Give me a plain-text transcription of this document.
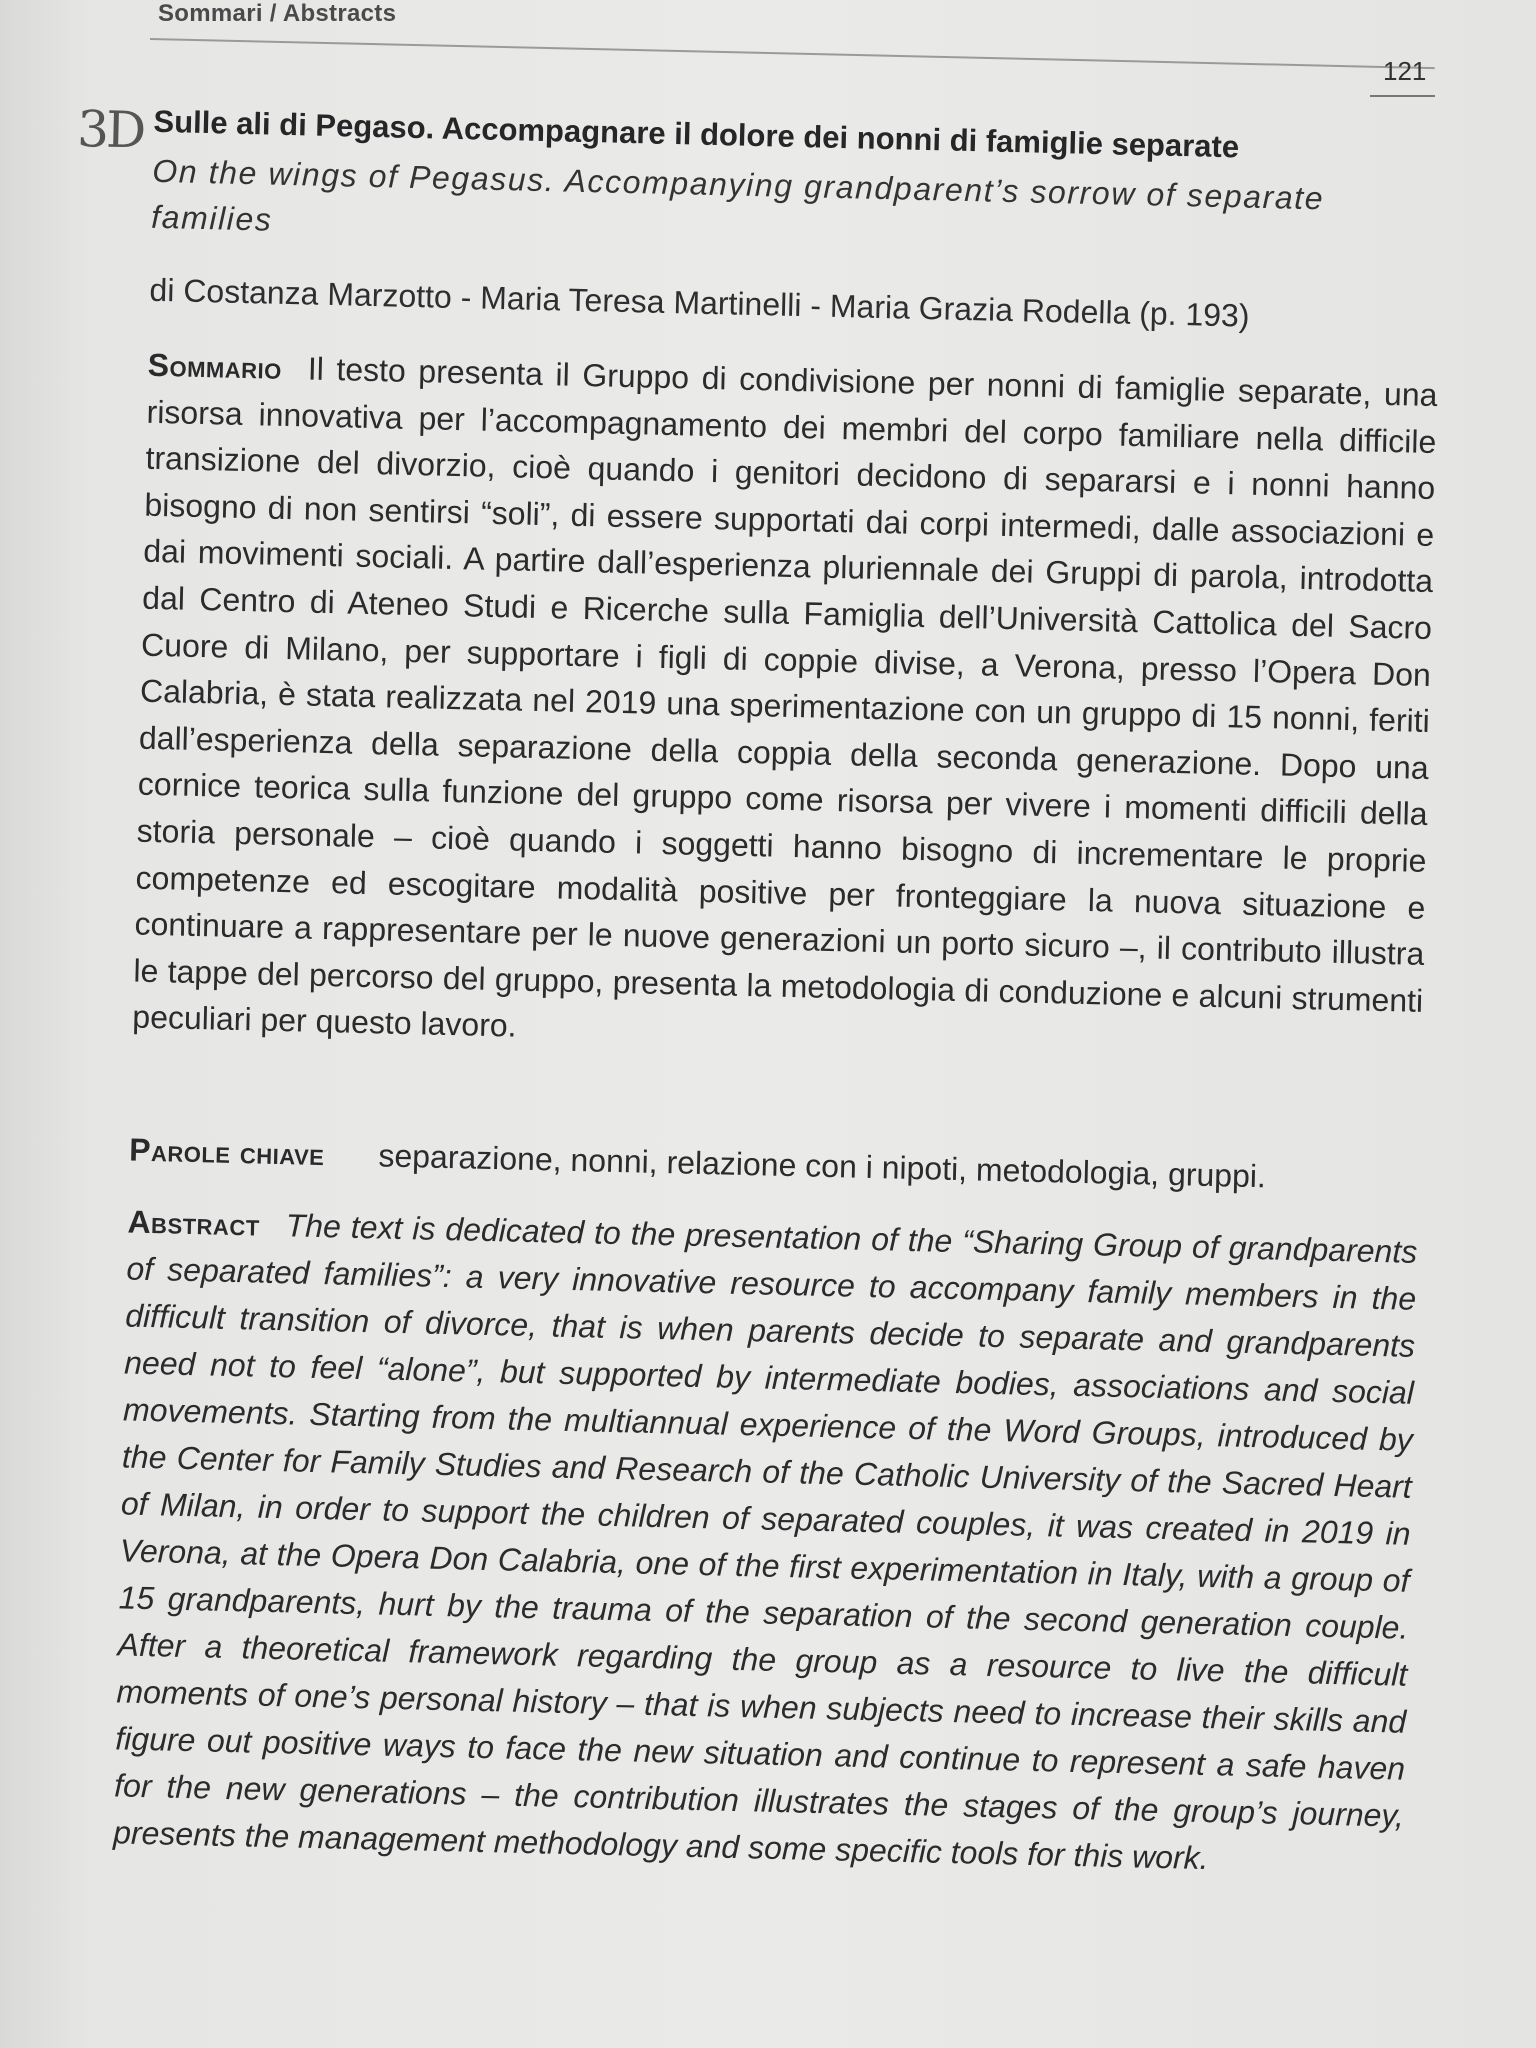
Sommari / Abstracts
121
3D Sulle ali di Pegaso. Accompagnare il dolore dei nonni di famiglie separate
On the wings of Pegasus. Accompanying grandparent’s sorrow of separate families
di Costanza Marzotto - Maria Teresa Martinelli - Maria Grazia Rodella (p. 193)
Sommario Il testo presenta il Gruppo di condivisione per nonni di famiglie separate, una risorsa innovativa per l’accompagnamento dei membri del corpo familiare nella difficile transizione del divorzio, cioè quando i genitori decidono di separarsi e i nonni hanno bisogno di non sentirsi “soli”, di essere supportati dai corpi intermedi, dalle associazioni e dai movimenti sociali. A partire dall’esperienza pluriennale dei Gruppi di parola, introdotta dal Centro di Ateneo Studi e Ricerche sulla Famiglia dell’Università Cattolica del Sacro Cuore di Milano, per supportare i figli di coppie divise, a Verona, presso l’Opera Don Calabria, è stata realizzata nel 2019 una sperimentazione con un gruppo di 15 nonni, feriti dall’esperienza della separazione della coppia della seconda generazione. Dopo una cornice teorica sulla funzione del gruppo come risorsa per vivere i momenti difficili della storia personale – cioè quando i soggetti hanno bisogno di incrementare le proprie competenze ed escogitare modalità positive per fronteggiare la nuova situazione e continuare a rappresentare per le nuove generazioni un porto sicuro –, il contributo illustra le tappe del percorso del gruppo, presenta la metodologia di conduzione e alcuni strumenti peculiari per questo lavoro.
Parole chiave separazione, nonni, relazione con i nipoti, metodologia, gruppi.
Abstract The text is dedicated to the presentation of the “Sharing Group of grandparents of separated families”: a very innovative resource to accompany family members in the difficult transition of divorce, that is when parents decide to separate and grandparents need not to feel “alone”, but supported by intermediate bodies, associations and social movements. Starting from the multiannual experience of the Word Groups, introduced by the Center for Family Studies and Research of the Catholic University of the Sacred Heart of Milan, in order to support the children of separated couples, it was created in 2019 in Verona, at the Opera Don Calabria, one of the first experimentation in Italy, with a group of 15 grandparents, hurt by the trauma of the separation of the second generation couple. After a theoretical framework regarding the group as a resource to live the difficult moments of one’s personal history – that is when subjects need to increase their skills and figure out positive ways to face the new situation and continue to represent a safe haven for the new generations – the contribution illustrates the stages of the group’s journey, presents the management methodology and some specific tools for this work.
